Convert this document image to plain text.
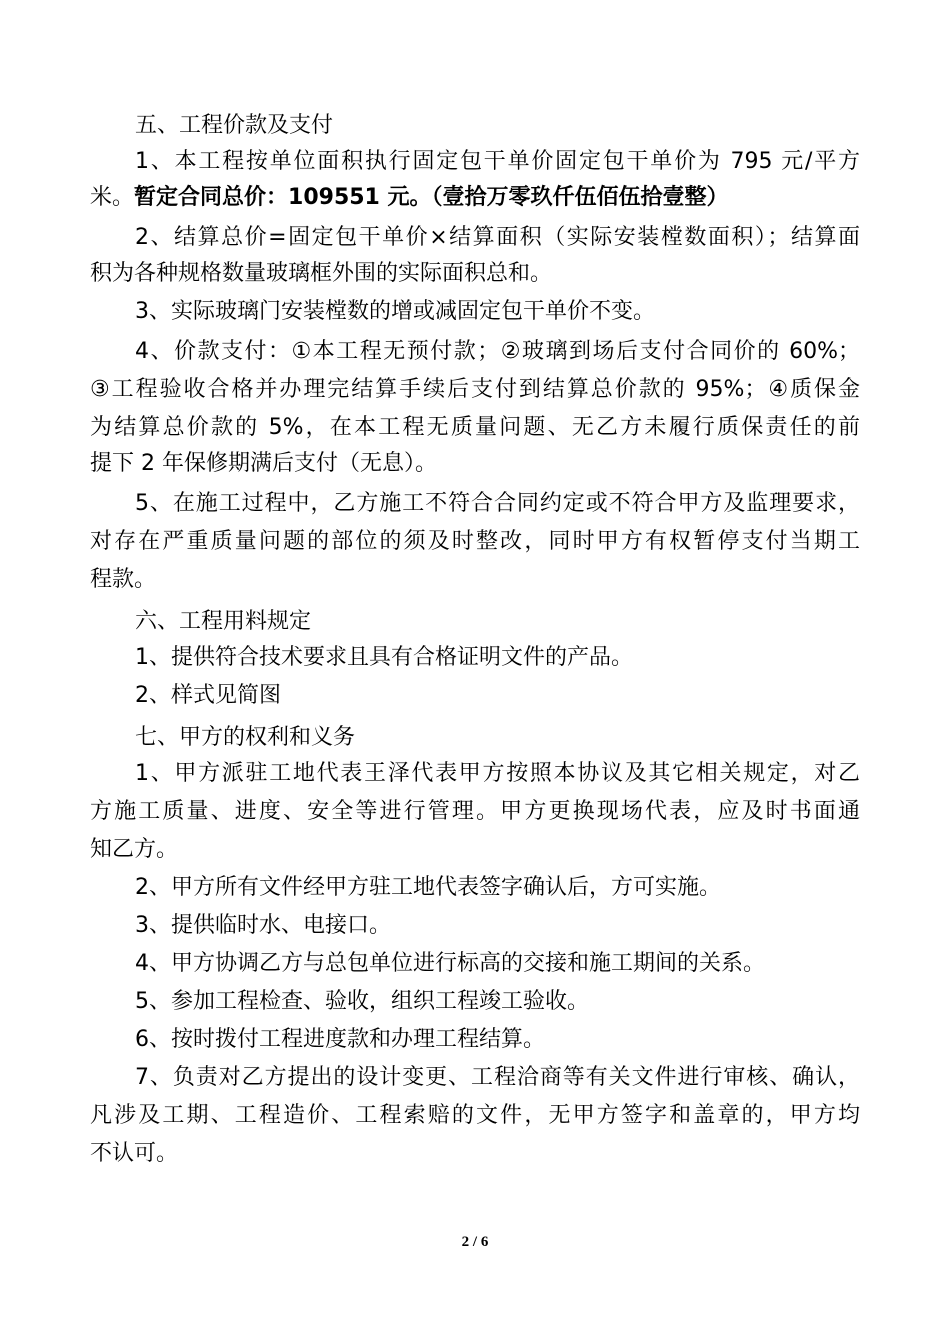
五、工程价款及支付
1、本工程按单位面积执行固定包干单价固定包干单价为 795 元/平方
米。暂定合同总价：109551 元。（壹拾万零玖仟伍佰伍拾壹整）
2、结算总价=固定包干单价×结算面积（实际安装樘数面积）；结算面
积为各种规格数量玻璃框外围的实际面积总和。
3、实际玻璃门安装樘数的增或减固定包干单价不变。
4、价款支付：①本工程无预付款；②玻璃到场后支付合同价的 60%；
③工程验收合格并办理完结算手续后支付到结算总价款的 95%；④质保金
为结算总价款的 5%，在本工程无质量问题、无乙方未履行质保责任的前
提下 2 年保修期满后支付（无息）。
5、在施工过程中，乙方施工不符合合同约定或不符合甲方及监理要求，
对存在严重质量问题的部位的须及时整改，同时甲方有权暂停支付当期工
程款。
六、工程用料规定
1、提供符合技术要求且具有合格证明文件的产品。
2、样式见简图
七、甲方的权利和义务
1、甲方派驻工地代表王泽代表甲方按照本协议及其它相关规定，对乙
方施工质量、进度、安全等进行管理。甲方更换现场代表，应及时书面通
知乙方。
2、甲方所有文件经甲方驻工地代表签字确认后，方可实施。
3、提供临时水、电接口。
4、甲方协调乙方与总包单位进行标高的交接和施工期间的关系。
5、参加工程检查、验收，组织工程竣工验收。
6、按时拨付工程进度款和办理工程结算。
7、负责对乙方提出的设计变更、工程洽商等有关文件进行审核、确认，
凡涉及工期、工程造价、工程索赔的文件，无甲方签字和盖章的，甲方均
不认可。
2 / 6
